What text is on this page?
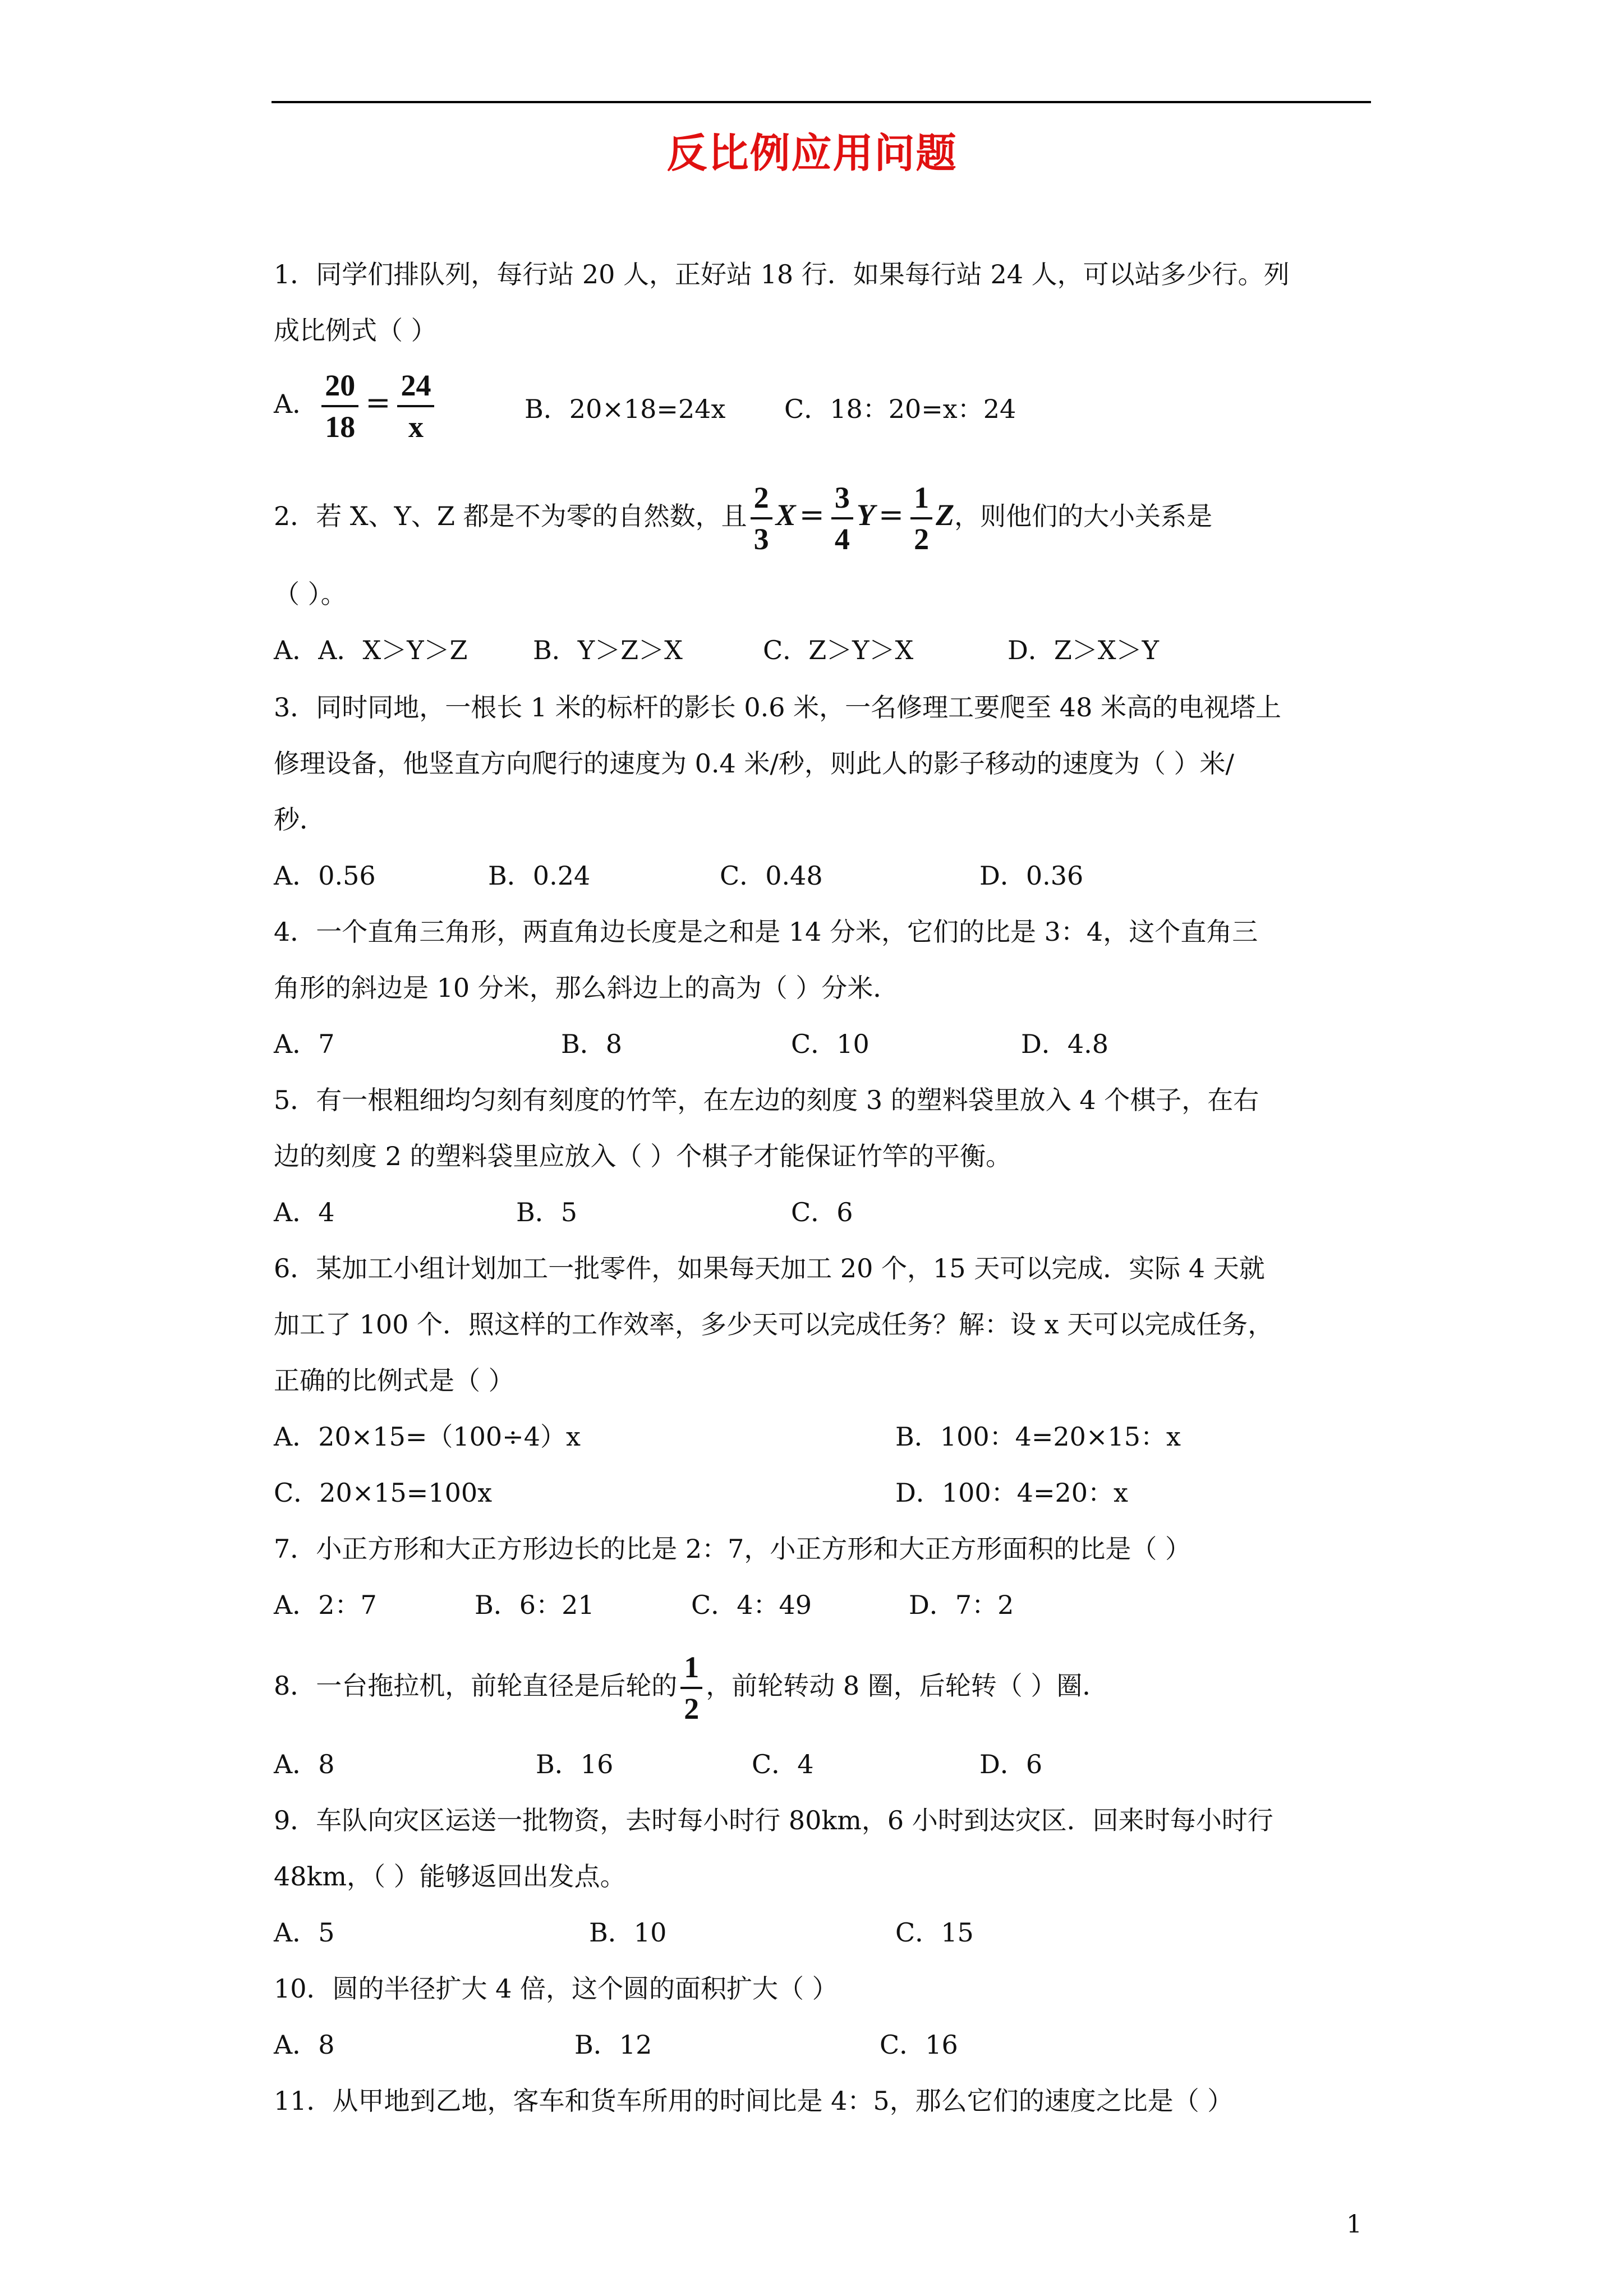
反比例应用问题
1．同学们排队列，每行站 20 人，正好站 18 行．如果每行站 24 人，可以站多少行。列
成比例式（ ）
A． $\frac{20}{18} = \frac{24}{x}$	B．20×18=24x C．18：20=x：24
2．若 X、Y、Z 都是不为零的自然数，且 $\frac{2}{3}$ $X = \frac{3}{4}$ $Y = \frac{1}{2}$ Z，则他们的大小关系是
（ ）。
A．A．X＞Y＞Z	B．Y＞Z＞X	C．Z＞Y＞X	D．Z＞X＞Y
3．同时同地，一根长 1 米的标杆的影长 0.6 米，一名修理工要爬至 48 米高的电视塔上
修理设备，他竖直方向爬行的速度为 0.4 米/秒，则此人的影子移动的速度为（ ）米/
秒．
A．0.56	B．0.24	C．0.48	D．0.36
4．一个直角三角形，两直角边长度是之和是 14 分米，它们的比是 3：4，这个直角三
角形的斜边是 10 分米，那么斜边上的高为（ ）分米．
A．7	B．8	C．10	D．4.8
5．有一根粗细均匀刻有刻度的竹竿，在左边的刻度 3 的塑料袋里放入 4 个棋子，在右
边的刻度 2 的塑料袋里应放入（ ）个棋子才能保证竹竿的平衡。
A．4	B．5	C．6
6．某加工小组计划加工一批零件，如果每天加工 20 个，15 天可以完成．实际 4 天就
加工了 100 个．照这样的工作效率，多少天可以完成任务？解：设 x 天可以完成任务，
正确的比例式是（ ）
A．20×15=（100÷4）x	B．100：4=20×15：x
C．20×15=100x	D．100：4=20：x
7．小正方形和大正方形边长的比是 2：7，小正方形和大正方形面积的比是（ ）
A．2：7	B．6：21	C．4：49	D．7：2
8．一台拖拉机，前轮直径是后轮的 $\frac{1}{2}$ ，前轮转动 8 圈，后轮转（ ）圈．
A．8	B．16	C．4	D．6
9．车队向灾区运送一批物资，去时每小时行 80km，6 小时到达灾区．回来时每小时行
48km，（ ）能够返回出发点。
A．5	B．10	C．15
10．圆的半径扩大 4 倍，这个圆的面积扩大（ ）
A．8	B．12	C．16
11．从甲地到乙地，客车和货车所用的时间比是 4：5，那么它们的速度之比是（ ）
1
